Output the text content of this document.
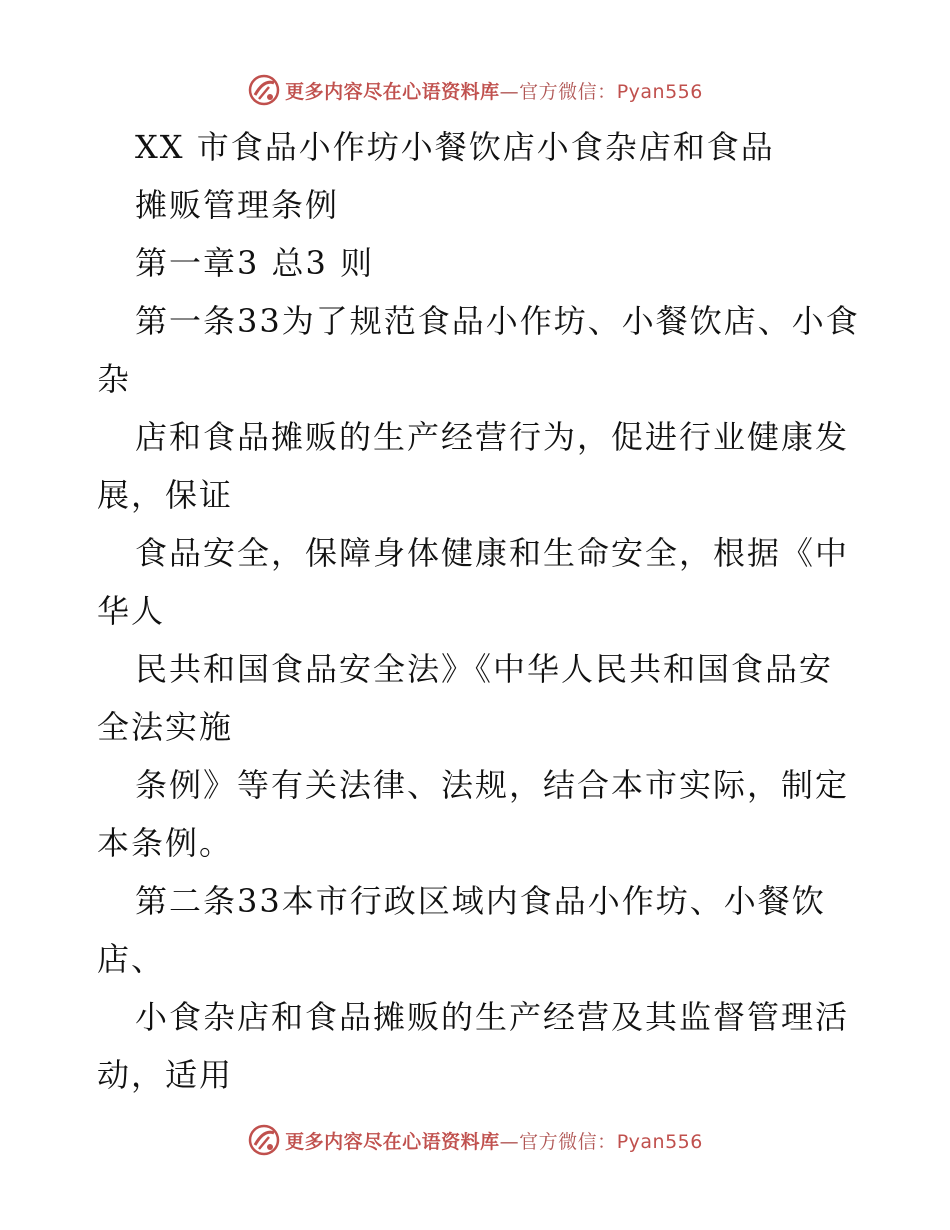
更多内容尽在心语资料库—官方微信：Pyan556
XX 市食品小作坊小餐饮店小食杂店和食品
摊贩管理条例
第一章3 总3 则
第一条33为了规范食品小作坊、小餐饮店、小食
杂
店和食品摊贩的生产经营行为，促进行业健康发
展，保证
食品安全，保障身体健康和生命安全，根据《中
华人
民共和国食品安全法》《中华人民共和国食品安
全法实施
条例》等有关法律、法规，结合本市实际，制定
本条例。
第二条33本市行政区域内食品小作坊、小餐饮
店、
小食杂店和食品摊贩的生产经营及其监督管理活
动，适用
更多内容尽在心语资料库—官方微信：Pyan556
